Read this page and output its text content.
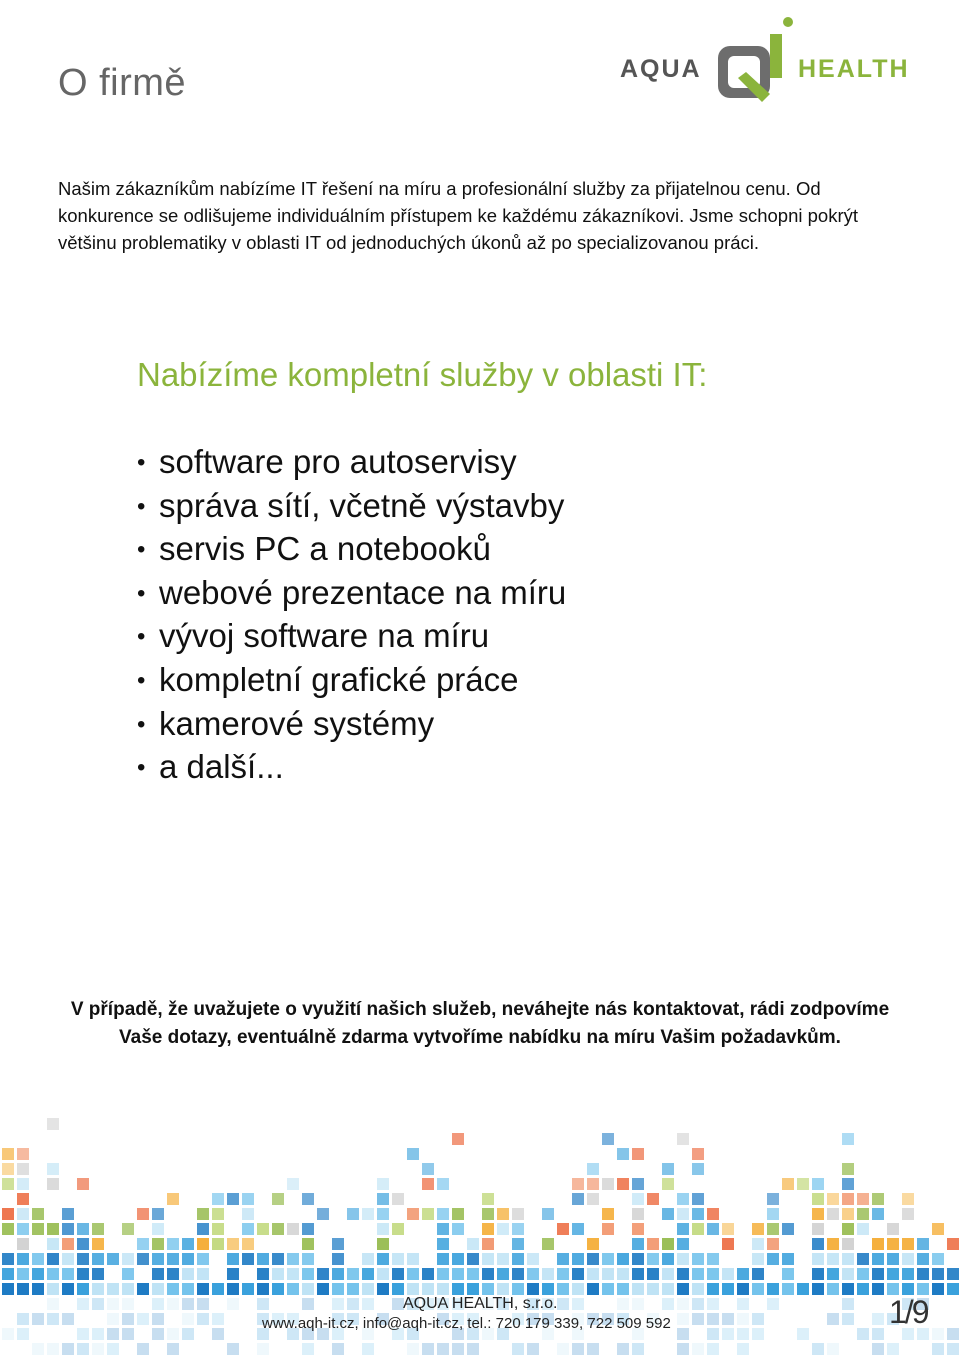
O firmě	AQUA	HEALTH

Našim zákazníkům nabízíme IT řešení na míru a profesionální služby za přijatelnou cenu. Od konkurence se odlišujeme individuálním přístupem ke každému zákazníkovi. Jsme schopni pokrýt většinu problematiky v oblasti IT od jednoduchých úkonů až po specializovanou práci.

Nabízíme kompletní služby v oblasti IT:
• software pro autoservisy
• správa sítí, včetně výstavby
• servis PC a notebooků
• webové prezentace na míru
• vývoj software na míru
• kompletní grafické práce
• kamerové systémy
• a další...
V případě, že uvažujete o využití našich služeb, neváhejte nás kontaktovat, rádi zodpovíme Vaše dotazy, eventuálně zdarma vytvoříme nabídku na míru Vašim požadavkům.
AQUA HEALTH, s.r.o.
www.aqh-it.cz, info@aqh-it.cz, tel.: 720 179 339, 722 509 592	1/9
